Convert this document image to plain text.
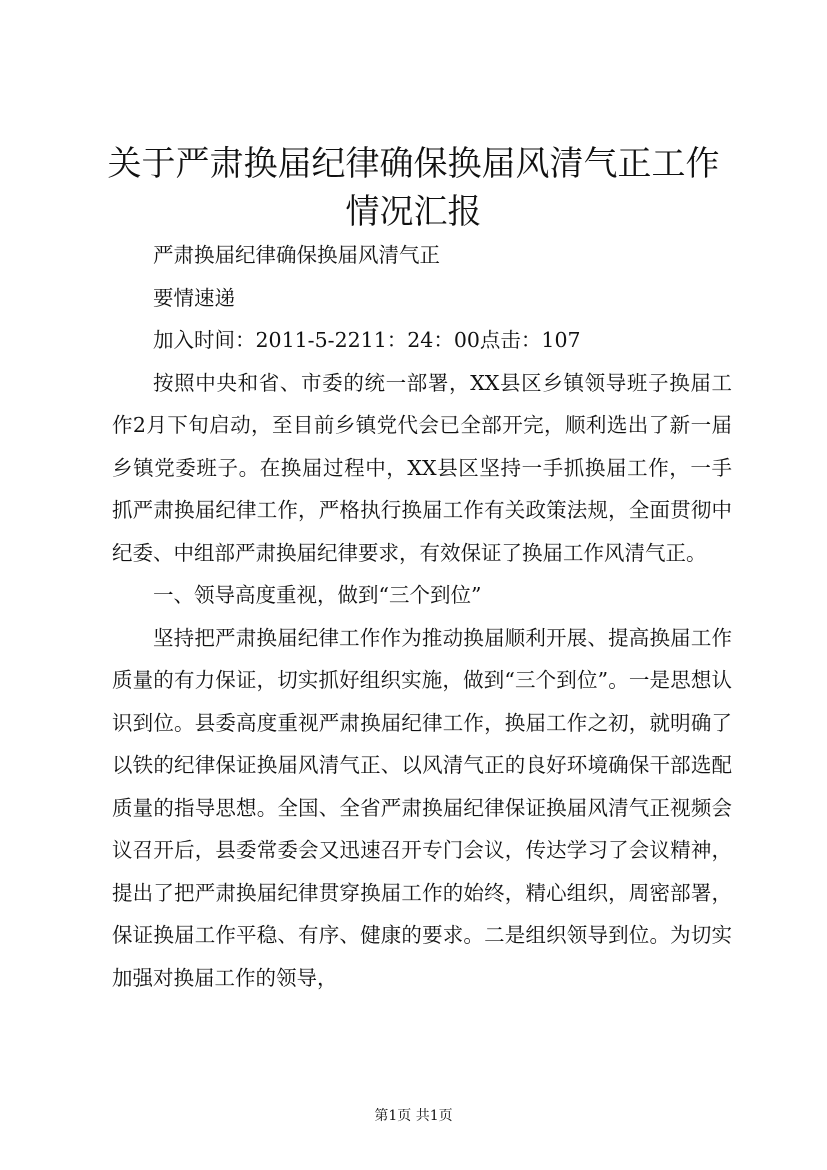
关于严肃换届纪律确保换届风清气正工作情况汇报

严肃换届纪律确保换届风清气正

要情速递

加入时间：2011-5-2211：24：00点击：107

按照中央和省、市委的统一部署，XX县区乡镇领导班子换届工作2月下旬启动，至目前乡镇党代会已全部开完，顺利选出了新一届乡镇党委班子。在换届过程中，XX县区坚持一手抓换届工作，一手抓严肃换届纪律工作，严格执行换届工作有关政策法规，全面贯彻中纪委、中组部严肃换届纪律要求，有效保证了换届工作风清气正。

一、领导高度重视，做到“三个到位”

坚持把严肃换届纪律工作作为推动换届顺利开展、提高换届工作质量的有力保证，切实抓好组织实施，做到“三个到位”。一是思想认识到位。县委高度重视严肃换届纪律工作，换届工作之初，就明确了以铁的纪律保证换届风清气正、以风清气正的良好环境确保干部选配质量的指导思想。全国、全省严肃换届纪律保证换届风清气正视频会议召开后，县委常委会又迅速召开专门会议，传达学习了会议精神，提出了把严肃换届纪律贯穿换届工作的始终，精心组织，周密部署，保证换届工作平稳、有序、健康的要求。二是组织领导到位。为切实加强对换届工作的领导，

第1页 共1页
